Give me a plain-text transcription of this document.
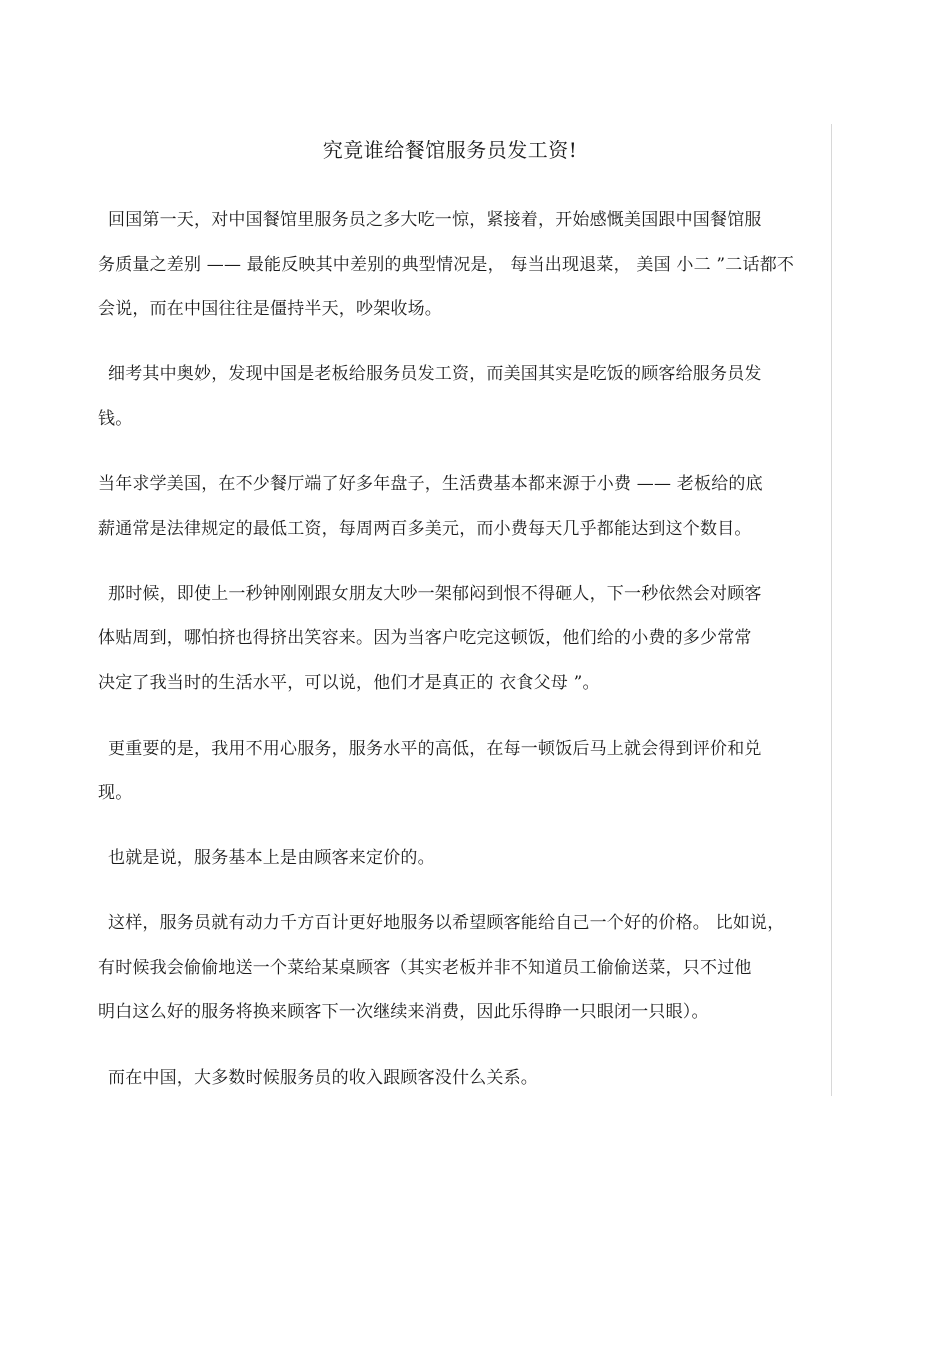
究竟谁给餐馆服务员发工资!
回国第一天，对中国餐馆里服务员之多大吃一惊，紧接着，开始感慨美国跟中国餐馆服
务质量之差别 —— 最能反映其中差别的典型情况是， 每当出现退菜， 美国 小二 ”二话都不
会说，而在中国往往是僵持半天，吵架收场。
细考其中奥妙，发现中国是老板给服务员发工资，而美国其实是吃饭的顾客给服务员发
钱。
当年求学美国，在不少餐厅端了好多年盘子，生活费基本都来源于小费 —— 老板给的底
薪通常是法律规定的最低工资，每周两百多美元，而小费每天几乎都能达到这个数目。
那时候，即使上一秒钟刚刚跟女朋友大吵一架郁闷到恨不得砸人，下一秒依然会对顾客
体贴周到，哪怕挤也得挤出笑容来。因为当客户吃完这顿饭，他们给的小费的多少常常
决定了我当时的生活水平，可以说，他们才是真正的 衣食父母 ”。
更重要的是，我用不用心服务，服务水平的高低，在每一顿饭后马上就会得到评价和兑
现。
也就是说，服务基本上是由顾客来定价的。
这样，服务员就有动力千方百计更好地服务以希望顾客能给自己一个好的价格。 比如说，
有时候我会偷偷地送一个菜给某桌顾客（其实老板并非不知道员工偷偷送菜，只不过他
明白这么好的服务将换来顾客下一次继续来消费，因此乐得睁一只眼闭一只眼）。
而在中国，大多数时候服务员的收入跟顾客没什么关系。
